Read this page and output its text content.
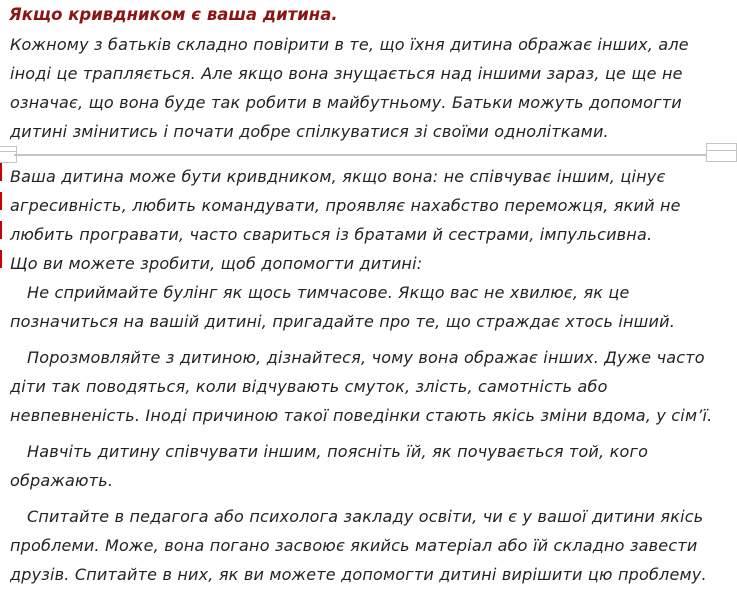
Якщо кривдником є ваша дитина.

Кожному з батьків складно повірити в те, що їхня дитина ображає інших, але іноді це трапляється. Але якщо вона знущається над іншими зараз, це ще не означає, що вона буде так робити в майбутньому. Батьки можуть допомогти дитині змінитись і почати добре спілкуватися зі своїми однолітками.

Ваша дитина може бути кривдником, якщо вона: не співчуває іншим, цінує агресивність, любить командувати, проявляє нахабство переможця, який не любить програвати, часто свариться із братами й сестрами, імпульсивна.

Що ви можете зробити, щоб допомогти дитині:

Не сприймайте булінг як щось тимчасове. Якщо вас не хвилює, як це позначиться на вашій дитині, пригадайте про те, що страждає хтось інший.

Порозмовляйте з дитиною, дізнайтеся, чому вона ображає інших. Дуже часто діти так поводяться, коли відчувають смуток, злість, самотність або невпевненість. Іноді причиною такої поведінки стають якісь зміни вдома, у сім’ї.

Навчіть дитину співчувати іншим, поясніть їй, як почувається той, кого ображають.

Спитайте в педагога або психолога закладу освіти, чи є у вашої дитини якісь проблеми. Може, вона погано засвоює якийсь матеріал або їй складно завести друзів. Спитайте в них, як ви можете допомогти дитині вирішити цю проблему.
